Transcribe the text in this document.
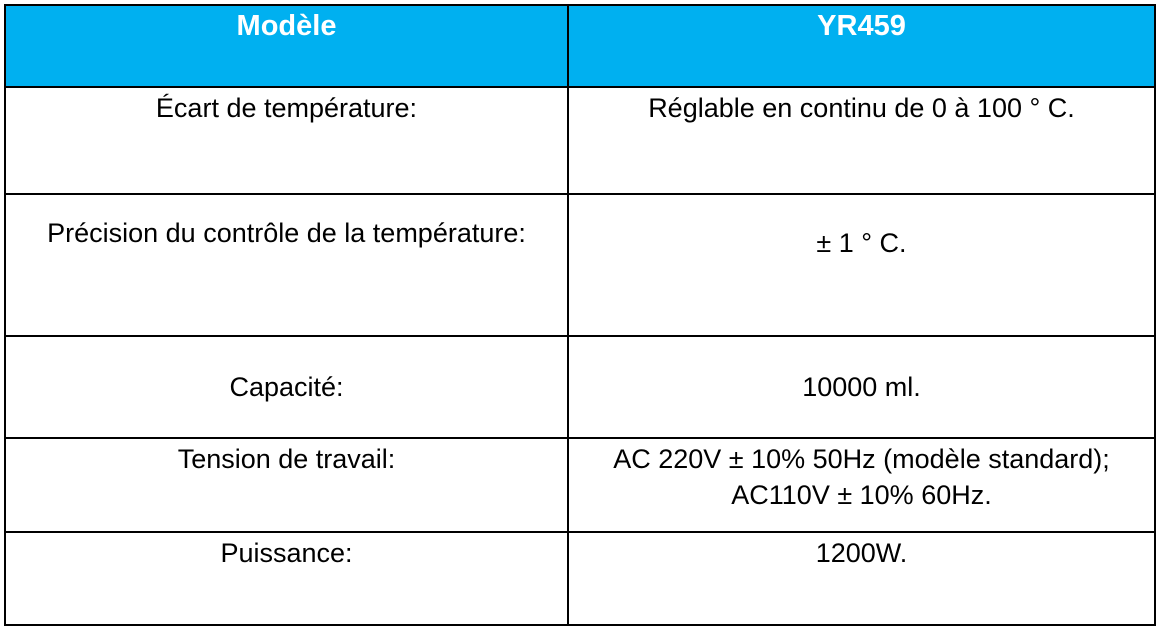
Modèle	YR459
Écart de température:	Réglable en continu de 0 à 100 ° C.
Précision du contrôle de la température:	± 1 ° C.
Capacité:	10000 ml.
Tension de travail:	AC 220V ± 10% 50Hz (modèle standard); AC110V ± 10% 60Hz.
Puissance:	1200W.
